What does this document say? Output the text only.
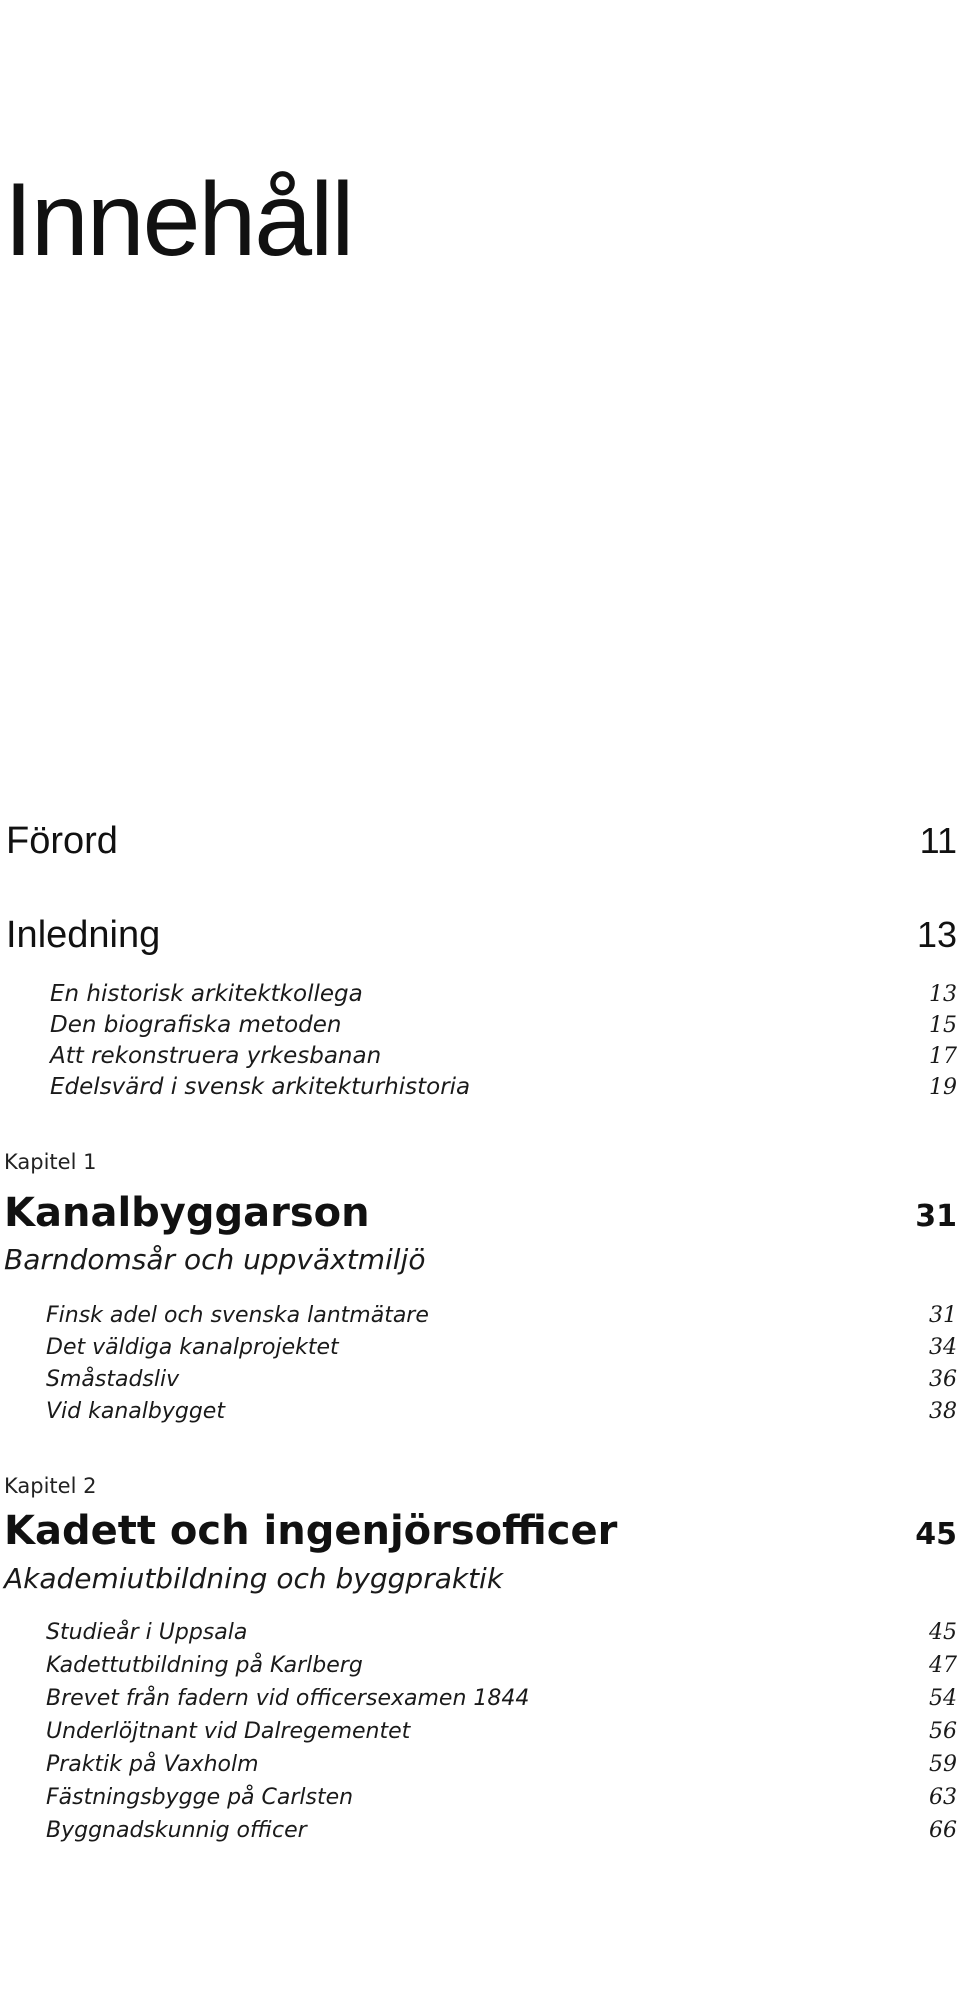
Innehåll
Förord	11
Inledning	13
En historisk arkitektkollega	13
Den biografiska metoden	15
Att rekonstruera yrkesbanan	17
Edelsvärd i svensk arkitekturhistoria	19
Kapitel 1
Kanalbyggarson	31
Barndomsår och uppväxtmiljö
Finsk adel och svenska lantmätare	31
Det väldiga kanalprojektet	34
Småstadsliv	36
Vid kanalbygget	38
Kapitel 2
Kadett och ingenjörsofficer	45
Akademiutbildning och byggpraktik
Studieår i Uppsala	45
Kadettutbildning på Karlberg	47
Brevet från fadern vid officersexamen 1844	54
Underlöjtnant vid Dalregementet	56
Praktik på Vaxholm	59
Fästningsbygge på Carlsten	63
Byggnadskunnig officer	66
